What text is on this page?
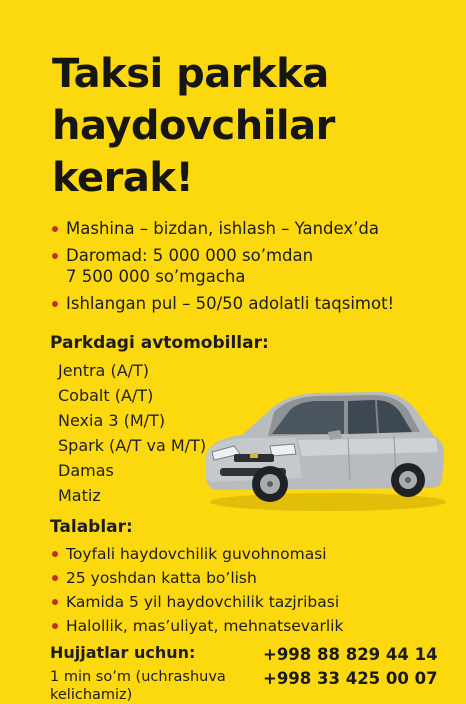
Taksi parkka
haydovchilar
kerak!
Mashina – bizdan, ishlash – Yandex’da
Daromad: 5 000 000 so’mdan
7 500 000 so’mgacha
Ishlangan pul – 50/50 adolatli taqsimot!
Parkdagi avtomobillar:
Jentra (A/T)
Cobalt (A/T)
Nexia 3 (M/T)
Spark (A/T va M/T)
Damas
Matiz
Talablar:
Toyfali haydovchilik guvohnomasi
25 yoshdan katta bo’lish
Kamida 5 yil haydovchilik tazjribasi
Halollik, mas’uliyat, mehnatsevarlik
Hujjatlar uchun:
1 min so’m (uchrashuva kelichamiz)
+998 88 829 44 14
+998 33 425 00 07
